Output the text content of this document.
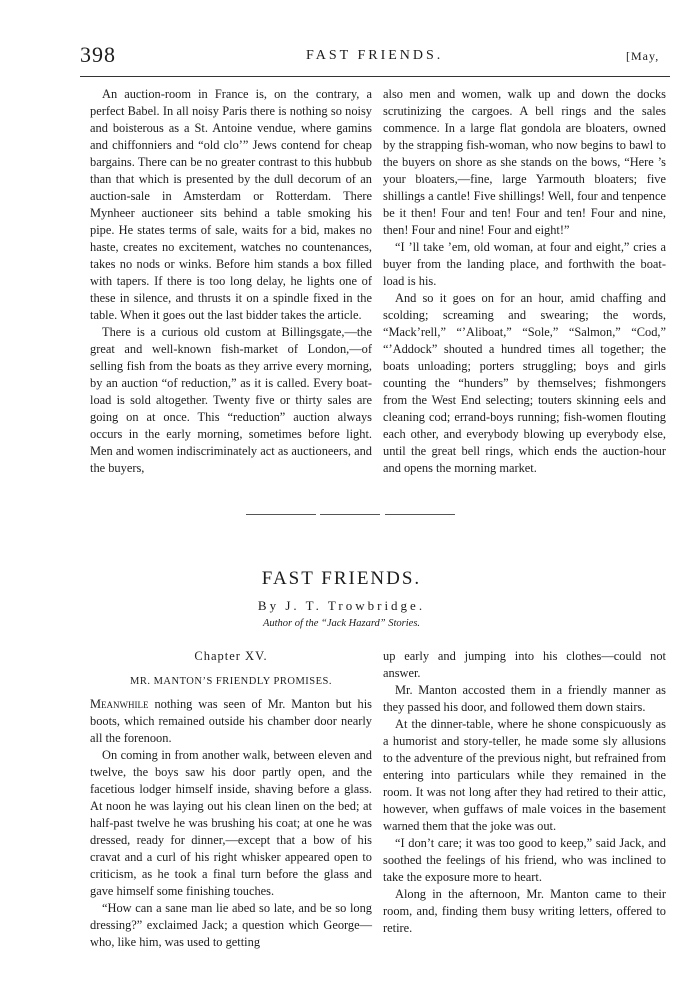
398	FAST FRIENDS.	[May,

An auction-room in France is, on the contrary, a perfect Babel. In all noisy Paris there is nothing so noisy and boisterous as a St. Antoine vendue, where gamins and chiffonniers and “old clo’” Jews contend for cheap bargains. There can be no greater contrast to this hubbub than that which is presented by the dull decorum of an auction-sale in Amsterdam or Rotterdam. There Mynheer auctioneer sits behind a table smoking his pipe. He states terms of sale, waits for a bid, makes no haste, creates no excitement, watches no countenances, takes no nods or winks. Before him stands a box filled with tapers. If there is too long delay, he lights one of these in silence, and thrusts it on a spindle fixed in the table. When it goes out the last bidder takes the article.

There is a curious old custom at Billingsgate,—the great and well-known fish-market of London,—of selling fish from the boats as they arrive every morning, by an auction “of reduction,” as it is called. Every boat-load is sold altogether. Twenty five or thirty sales are going on at once. This “reduction” auction always occurs in the early morning, sometimes before light. Men and women indiscriminately act as auctioneers, and the buyers,

also men and women, walk up and down the docks scrutinizing the cargoes. A bell rings and the sales commence. In a large flat gondola are bloaters, owned by the strapping fish-woman, who now begins to bawl to the buyers on shore as she stands on the bows, “Here ’s your bloaters,—fine, large Yarmouth bloaters; five shillings a cantle! Five shillings! Well, four and tenpence be it then! Four and ten! Four and ten! Four and nine, then! Four and nine! Four and eight!”

“I ’ll take ’em, old woman, at four and eight,” cries a buyer from the landing place, and forthwith the boat-load is his.

And so it goes on for an hour, amid chaffing and scolding; screaming and swearing; the words, “Mack’rell,” “’Aliboat,” “Sole,” “Salmon,” “Cod,” “’Addock” shouted a hundred times all together; the boats unloading; porters struggling; boys and girls counting the “hunders” by themselves; fishmongers from the West End selecting; touters skinning eels and cleaning cod; errand-boys running; fish-women flouting each other, and everybody blowing up everybody else, until the great bell rings, which ends the auction-hour and opens the morning market.

FAST FRIENDS.
By J. T. Trowbridge.
Author of the “Jack Hazard” Stories.

Chapter XV.

MR. MANTON’S FRIENDLY PROMISES.

Meanwhile nothing was seen of Mr. Manton but his boots, which remained outside his chamber door nearly all the forenoon.

On coming in from another walk, between eleven and twelve, the boys saw his door partly open, and the facetious lodger himself inside, shaving before a glass. At noon he was laying out his clean linen on the bed; at half-past twelve he was brushing his coat; at one he was dressed, ready for dinner,—except that a bow of his cravat and a curl of his right whisker appeared open to criticism, as he took a final turn before the glass and gave himself some finishing touches.

“How can a sane man lie abed so late, and be so long dressing?” exclaimed Jack; a question which George—who, like him, was used to getting

up early and jumping into his clothes—could not answer.

Mr. Manton accosted them in a friendly manner as they passed his door, and followed them down stairs.

At the dinner-table, where he shone conspicuously as a humorist and story-teller, he made some sly allusions to the adventure of the previous night, but refrained from entering into particulars while they remained in the room. It was not long after they had retired to their attic, however, when guffaws of male voices in the basement warned them that the joke was out.

“I don’t care; it was too good to keep,” said Jack, and soothed the feelings of his friend, who was inclined to take the exposure more to heart.

Along in the afternoon, Mr. Manton came to their room, and, finding them busy writing letters, offered to retire.
